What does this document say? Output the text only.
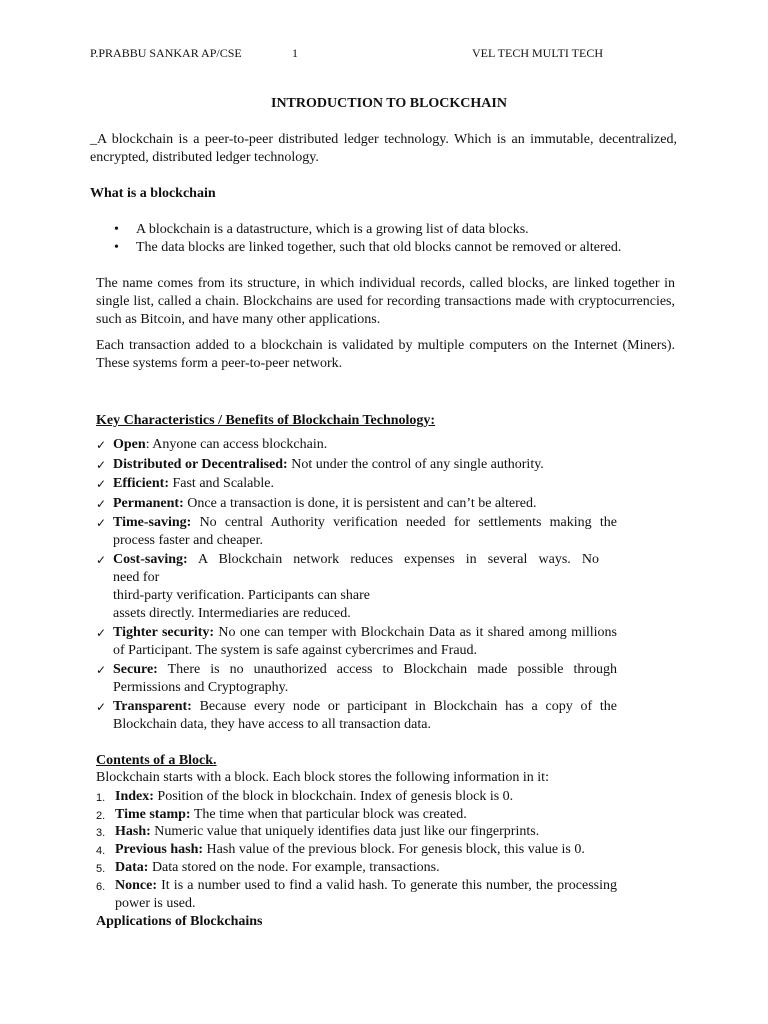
P.PRABBU SANKAR AP/CSE	1	VEL TECH MULTI TECH
INTRODUCTION TO BLOCKCHAIN
_A blockchain is a peer-to-peer distributed ledger technology. Which is an immutable, decentralized, encrypted, distributed ledger technology.
What is a blockchain
•	A blockchain is a datastructure, which is a growing list of data blocks.
•	The data blocks are linked together, such that old blocks cannot be removed or altered.
The name comes from its structure, in which individual records, called blocks, are linked together in single list, called a chain. Blockchains are used for recording transactions made with cryptocurrencies, such as Bitcoin, and have many other applications.
Each transaction added to a blockchain is validated by multiple computers on the Internet (Miners). These systems form a peer-to-peer network.
Key Characteristics / Benefits of Blockchain Technology:
✓ Open: Anyone can access blockchain.
✓ Distributed or Decentralised: Not under the control of any single authority.
✓ Efficient: Fast and Scalable.
✓ Permanent: Once a transaction is done, it is persistent and can’t be altered.
✓ Time-saving: No central Authority verification needed for settlements making the process faster and cheaper.
✓ Cost-saving: A Blockchain network reduces expenses in several ways. No
need for
third-party verification. Participants can share
assets directly. Intermediaries are reduced.
✓ Tighter security: No one can temper with Blockchain Data as it shared among millions of Participant. The system is safe against cybercrimes and Fraud.
✓ Secure: There is no unauthorized access to Blockchain made possible through Permissions and Cryptography.
✓ Transparent: Because every node or participant in Blockchain has a copy of the Blockchain data, they have access to all transaction data.
Contents of a Block.
Blockchain starts with a block. Each block stores the following information in it:
1. Index: Position of the block in blockchain. Index of genesis block is 0.
2. Time stamp: The time when that particular block was created.
3. Hash: Numeric value that uniquely identifies data just like our fingerprints.
4. Previous hash: Hash value of the previous block. For genesis block, this value is 0.
5. Data: Data stored on the node. For example, transactions.
6. Nonce: It is a number used to find a valid hash. To generate this number, the processing power is used.
Applications of Blockchains
